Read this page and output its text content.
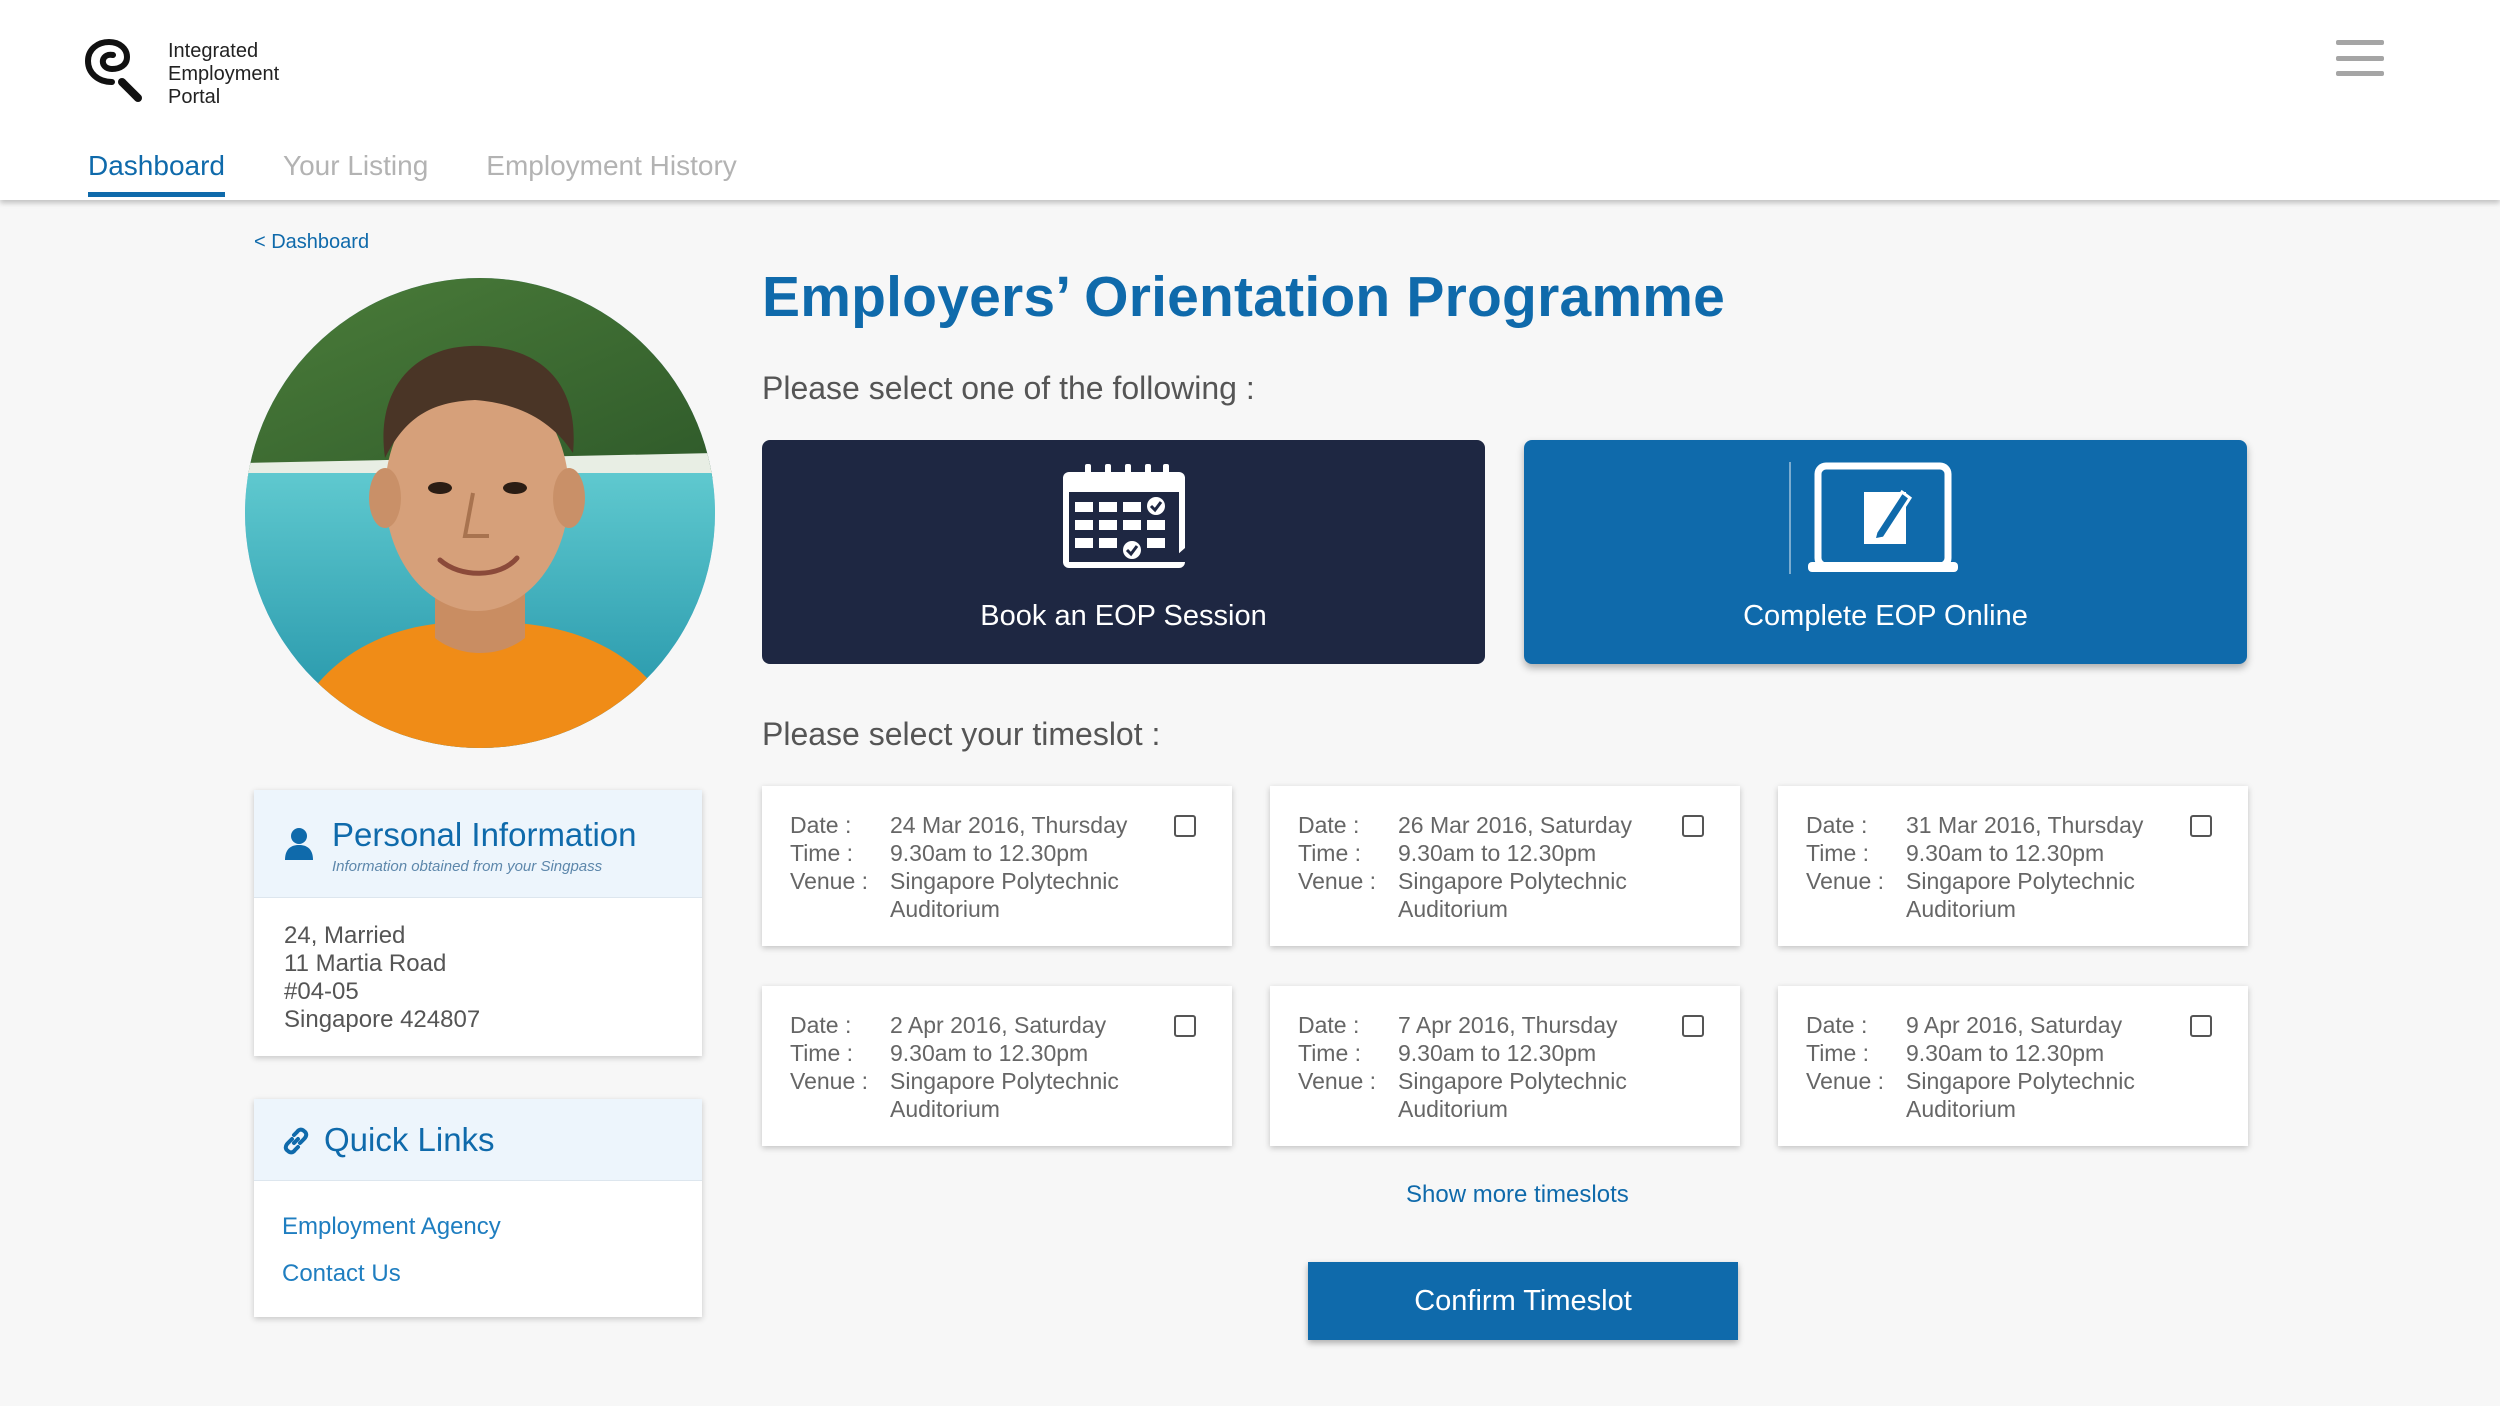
Integrated
Employment
Portal
Dashboard Your Listing Employment History
< Dashboard
Personal Information
Information obtained from your Singpass
24, Married
11 Martia Road
#04-05
Singapore 424807
Quick Links
Employment Agency
Contact Us
Employers’ Orientation Programme
Please select one of the following :
Book an EOP Session	Complete EOP Online
Please select your timeslot :
Date :	24 Mar 2016, Thursday
Time :	9.30am to 12.30pm
Venue : Singapore Polytechnic Auditorium
Date :	26 Mar 2016, Saturday
Time :	9.30am to 12.30pm
Venue : Singapore Polytechnic Auditorium
Date :	31 Mar 2016, Thursday
Time :	9.30am to 12.30pm
Venue : Singapore Polytechnic Auditorium
Date :	2 Apr 2016, Saturday
Time :	9.30am to 12.30pm
Venue : Singapore Polytechnic Auditorium
Date :	7 Apr 2016, Thursday
Time :	9.30am to 12.30pm
Venue : Singapore Polytechnic Auditorium
Date :	9 Apr 2016, Saturday
Time :	9.30am to 12.30pm
Venue : Singapore Polytechnic Auditorium
Show more timeslots
Confirm Timeslot
